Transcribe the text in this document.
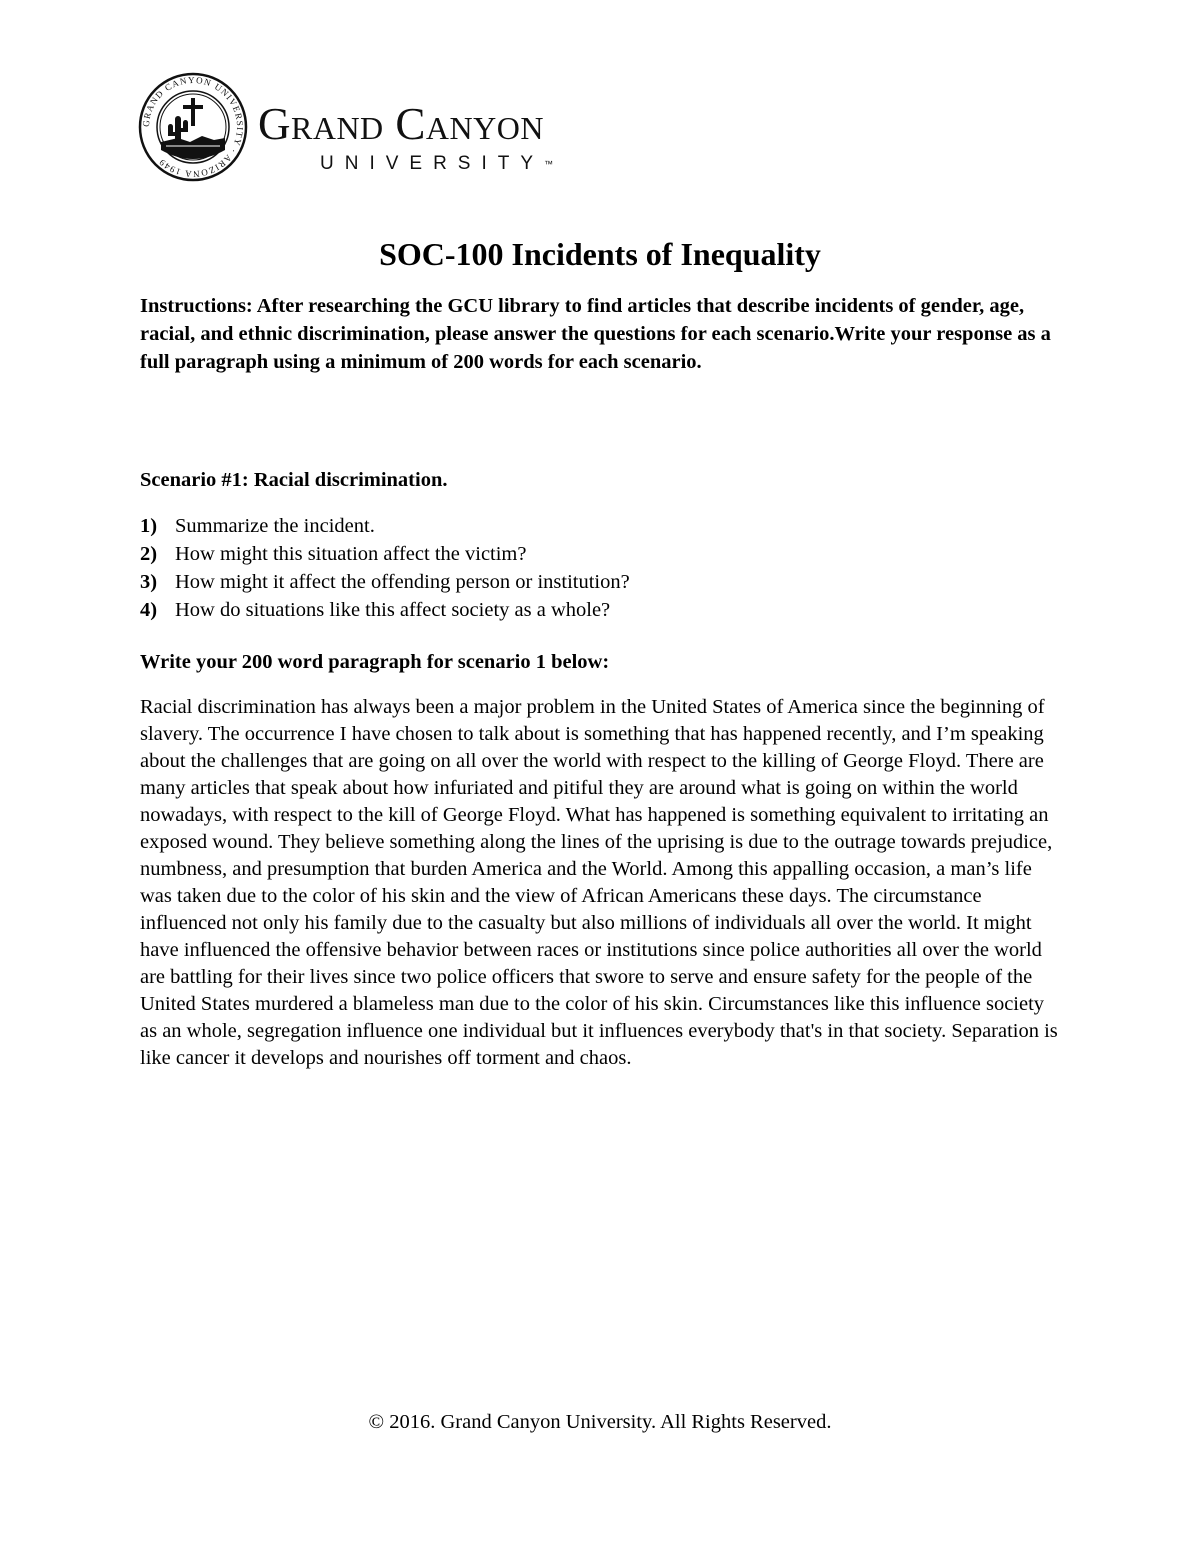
GRAND CANYON UNIVERSITY · ARIZONA 1949
Grand Canyon
UNIVERSITY™
SOC-100 Incidents of Inequality

Instructions: After researching the GCU library to find articles that describe incidents of gender, age, racial, and ethnic discrimination, please answer the questions for each scenario.Write your response as a full paragraph using a minimum of 200 words for each scenario.

Scenario #1: Racial discrimination.

1) Summarize the incident.
2) How might this situation affect the victim?
3) How might it affect the offending person or institution?
4) How do situations like this affect society as a whole?

Write your 200 word paragraph for scenario 1 below:

Racial discrimination has always been a major problem in the United States of America since the beginning of slavery. The occurrence I have chosen to talk about is something that has happened recently, and I’m speaking about the challenges that are going on all over the world with respect to the killing of George Floyd. There are many articles that speak about how infuriated and pitiful they are around what is going on within the world nowadays, with respect to the kill of George Floyd. What has happened is something equivalent to irritating an exposed wound. They believe something along the lines of the uprising is due to the outrage towards prejudice, numbness, and presumption that burden America and the World. Among this appalling occasion, a man’s life was taken due to the color of his skin and the view of African Americans these days. The circumstance influenced not only his family due to the casualty but also millions of individuals all over the world. It might have influenced the offensive behavior between races or institutions since police authorities all over the world are battling for their lives since two police officers that swore to serve and ensure safety for the people of the United States murdered a blameless man due to the color of his skin. Circumstances like this influence society as an whole, segregation influence one individual but it influences everybody that's in that society. Separation is like cancer it develops and nourishes off torment and chaos.

© 2016. Grand Canyon University. All Rights Reserved.
